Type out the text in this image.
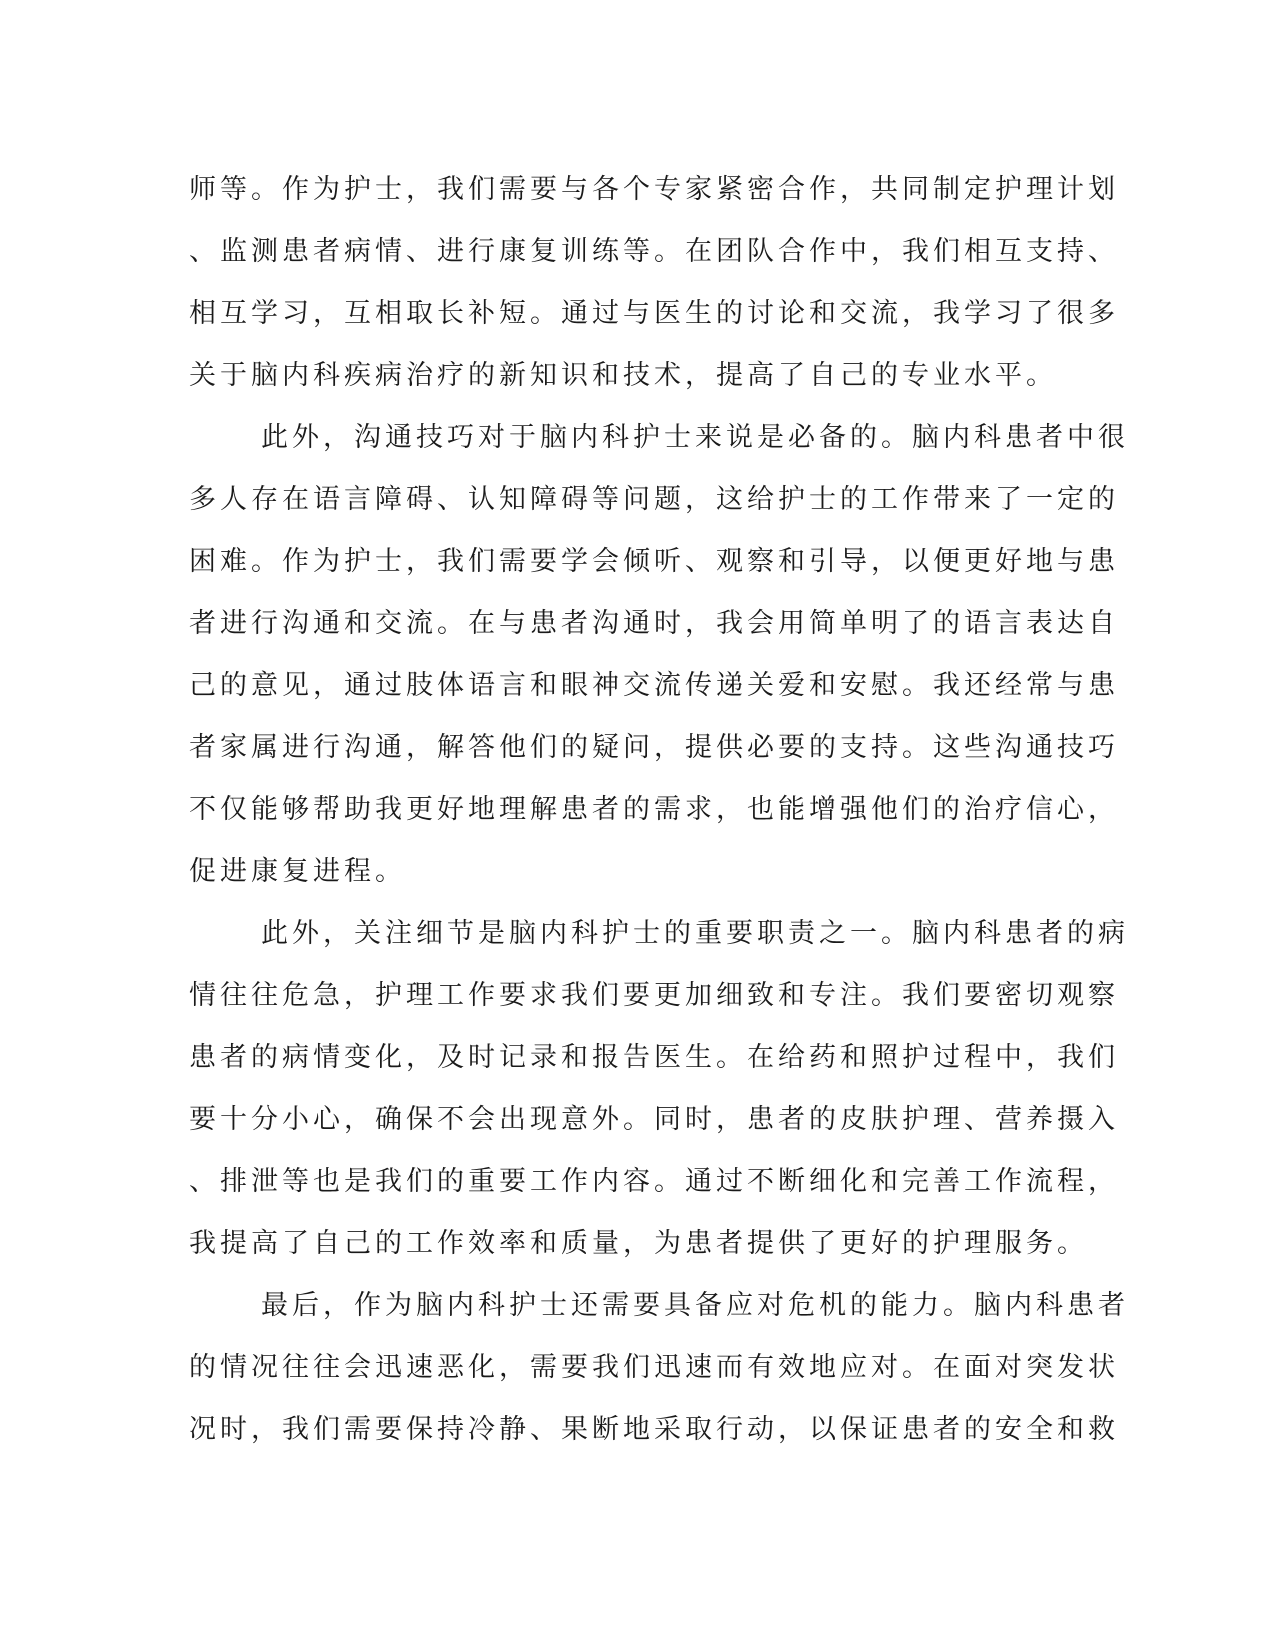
师等。作为护士，我们需要与各个专家紧密合作，共同制定护理计划
、监测患者病情、进行康复训练等。在团队合作中，我们相互支持、
相互学习，互相取长补短。通过与医生的讨论和交流，我学习了很多
关于脑内科疾病治疗的新知识和技术，提高了自己的专业水平。
此外，沟通技巧对于脑内科护士来说是必备的。脑内科患者中很
多人存在语言障碍、认知障碍等问题，这给护士的工作带来了一定的
困难。作为护士，我们需要学会倾听、观察和引导，以便更好地与患
者进行沟通和交流。在与患者沟通时，我会用简单明了的语言表达自
己的意见，通过肢体语言和眼神交流传递关爱和安慰。我还经常与患
者家属进行沟通，解答他们的疑问，提供必要的支持。这些沟通技巧
不仅能够帮助我更好地理解患者的需求，也能增强他们的治疗信心，
促进康复进程。
此外，关注细节是脑内科护士的重要职责之一。脑内科患者的病
情往往危急，护理工作要求我们要更加细致和专注。我们要密切观察
患者的病情变化，及时记录和报告医生。在给药和照护过程中，我们
要十分小心，确保不会出现意外。同时，患者的皮肤护理、营养摄入
、排泄等也是我们的重要工作内容。通过不断细化和完善工作流程，
我提高了自己的工作效率和质量，为患者提供了更好的护理服务。
最后，作为脑内科护士还需要具备应对危机的能力。脑内科患者
的情况往往会迅速恶化，需要我们迅速而有效地应对。在面对突发状
况时，我们需要保持冷静、果断地采取行动，以保证患者的安全和救
